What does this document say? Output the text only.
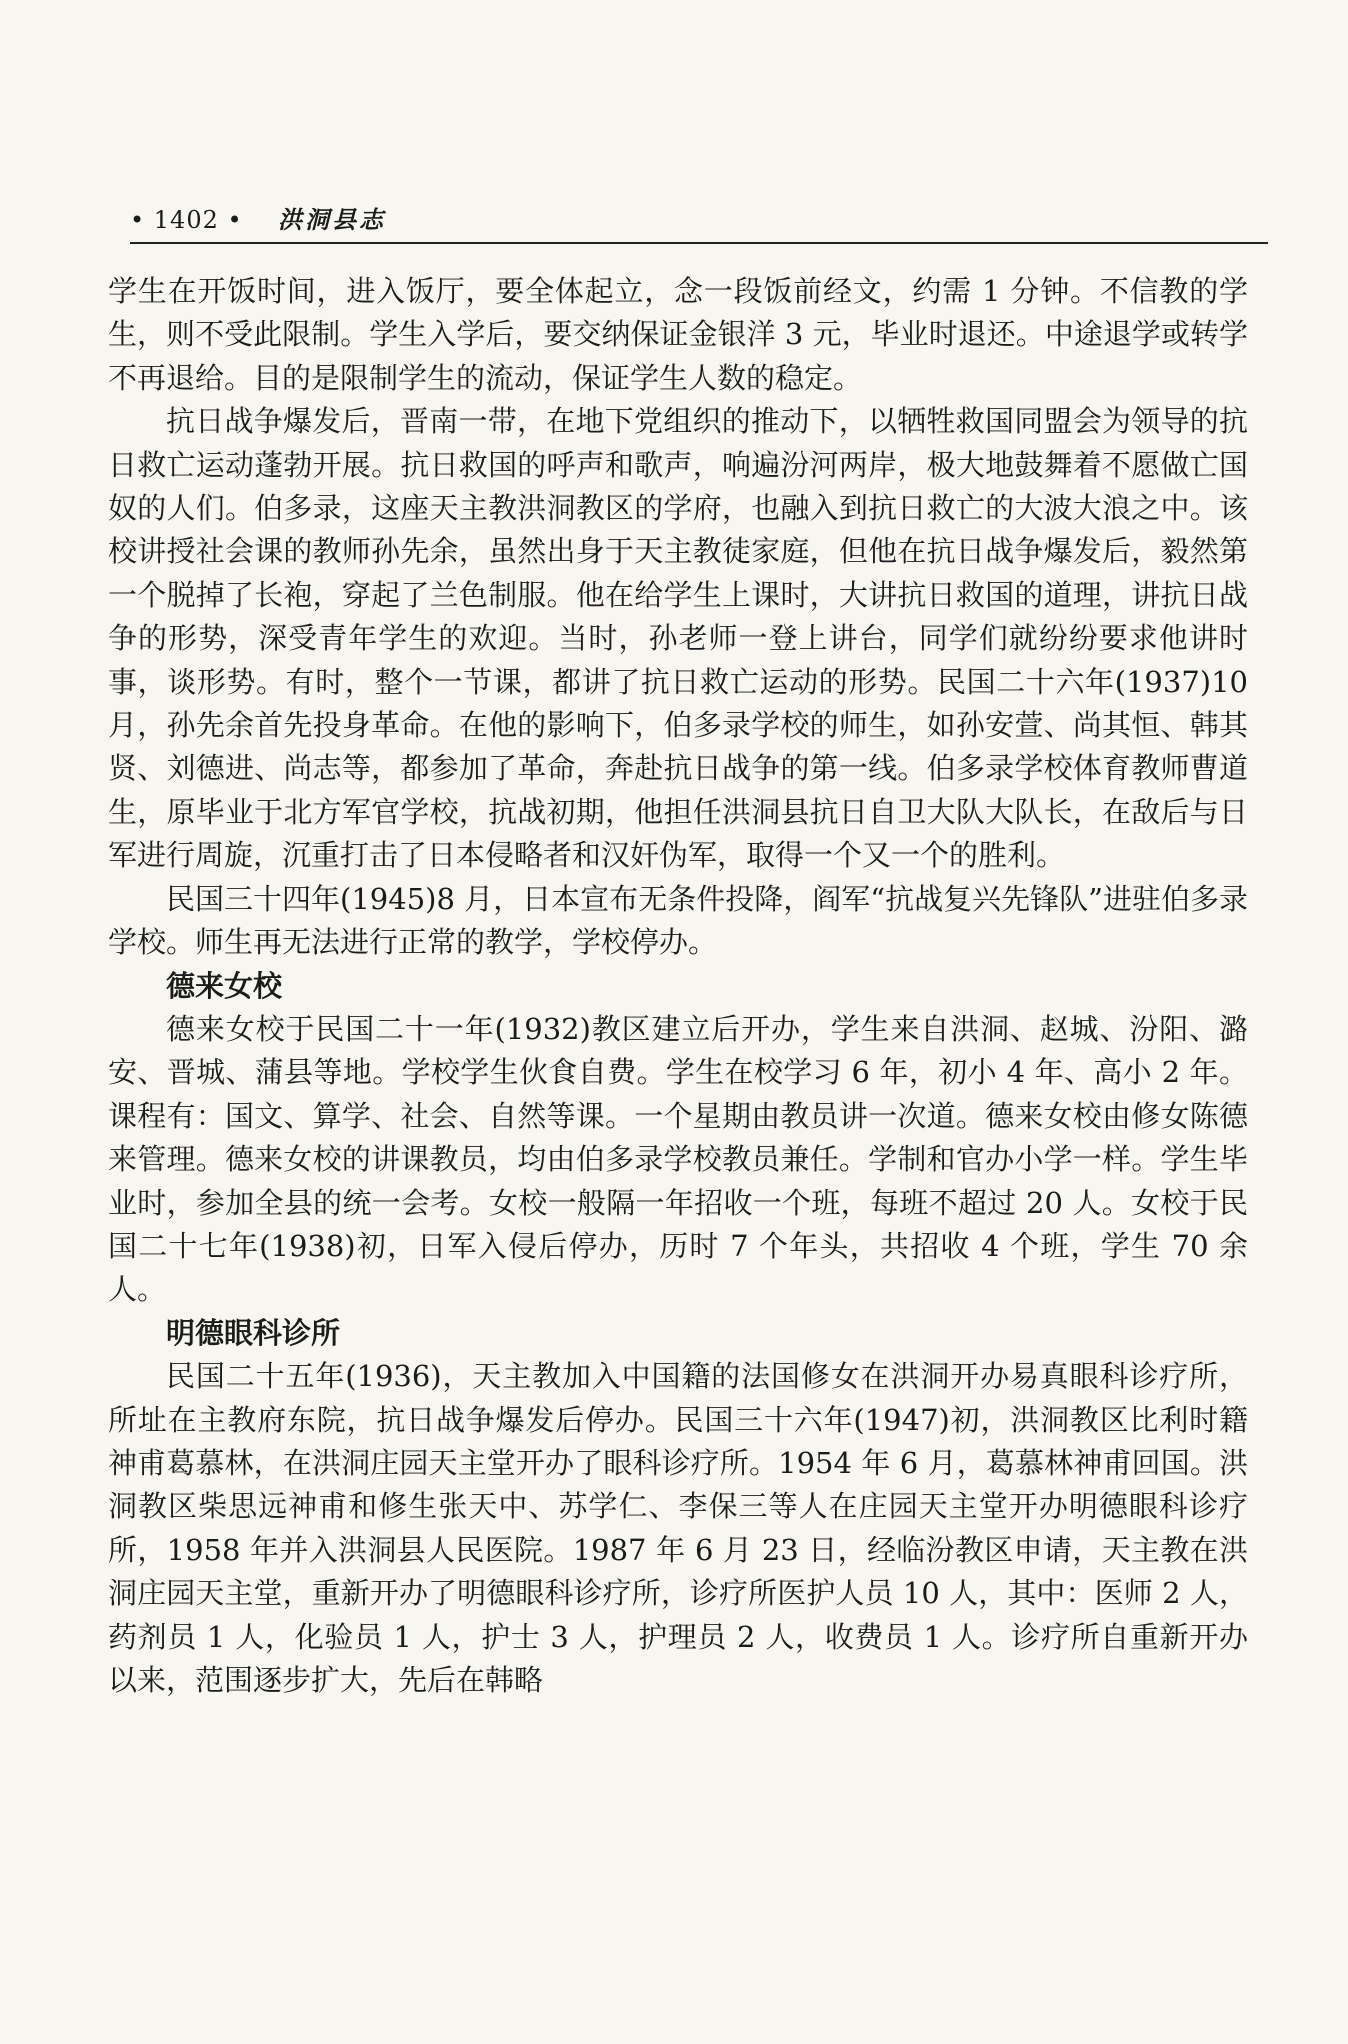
• 1402 • 洪洞县志

学生在开饭时间，进入饭厅，要全体起立，念一段饭前经文，约需 1 分钟。不信教的学生，则不受此限制。学生入学后，要交纳保证金银洋 3 元，毕业时退还。中途退学或转学不再退给。目的是限制学生的流动，保证学生人数的稳定。

抗日战争爆发后，晋南一带，在地下党组织的推动下，以牺牲救国同盟会为领导的抗日救亡运动蓬勃开展。抗日救国的呼声和歌声，响遍汾河两岸，极大地鼓舞着不愿做亡国奴的人们。伯多录，这座天主教洪洞教区的学府，也融入到抗日救亡的大波大浪之中。该校讲授社会课的教师孙先余，虽然出身于天主教徒家庭，但他在抗日战争爆发后，毅然第一个脱掉了长袍，穿起了兰色制服。他在给学生上课时，大讲抗日救国的道理，讲抗日战争的形势，深受青年学生的欢迎。当时，孙老师一登上讲台，同学们就纷纷要求他讲时事，谈形势。有时，整个一节课，都讲了抗日救亡运动的形势。民国二十六年(1937)10 月，孙先余首先投身革命。在他的影响下，伯多录学校的师生，如孙安萱、尚其恒、韩其贤、刘德进、尚志等，都参加了革命，奔赴抗日战争的第一线。伯多录学校体育教师曹道生，原毕业于北方军官学校，抗战初期，他担任洪洞县抗日自卫大队大队长，在敌后与日军进行周旋，沉重打击了日本侵略者和汉奸伪军，取得一个又一个的胜利。

民国三十四年(1945)8 月，日本宣布无条件投降，阎军“抗战复兴先锋队”进驻伯多录学校。师生再无法进行正常的教学，学校停办。

德来女校

德来女校于民国二十一年(1932)教区建立后开办，学生来自洪洞、赵城、汾阳、潞安、晋城、蒲县等地。学校学生伙食自费。学生在校学习 6 年，初小 4 年、高小 2 年。课程有：国文、算学、社会、自然等课。一个星期由教员讲一次道。德来女校由修女陈德来管理。德来女校的讲课教员，均由伯多录学校教员兼任。学制和官办小学一样。学生毕业时，参加全县的统一会考。女校一般隔一年招收一个班，每班不超过 20 人。女校于民国二十七年(1938)初，日军入侵后停办，历时 7 个年头，共招收 4 个班，学生 70 余人。

明德眼科诊所

民国二十五年(1936)，天主教加入中国籍的法国修女在洪洞开办易真眼科诊疗所，所址在主教府东院，抗日战争爆发后停办。民国三十六年(1947)初，洪洞教区比利时籍神甫葛慕林，在洪洞庄园天主堂开办了眼科诊疗所。1954 年 6 月，葛慕林神甫回国。洪洞教区柴思远神甫和修生张天中、苏学仁、李保三等人在庄园天主堂开办明德眼科诊疗所，1958 年并入洪洞县人民医院。1987 年 6 月 23 日，经临汾教区申请，天主教在洪洞庄园天主堂，重新开办了明德眼科诊疗所，诊疗所医护人员 10 人，其中：医师 2 人，药剂员 1 人，化验员 1 人，护士 3 人，护理员 2 人，收费员 1 人。诊疗所自重新开办以来，范围逐步扩大，先后在韩略
